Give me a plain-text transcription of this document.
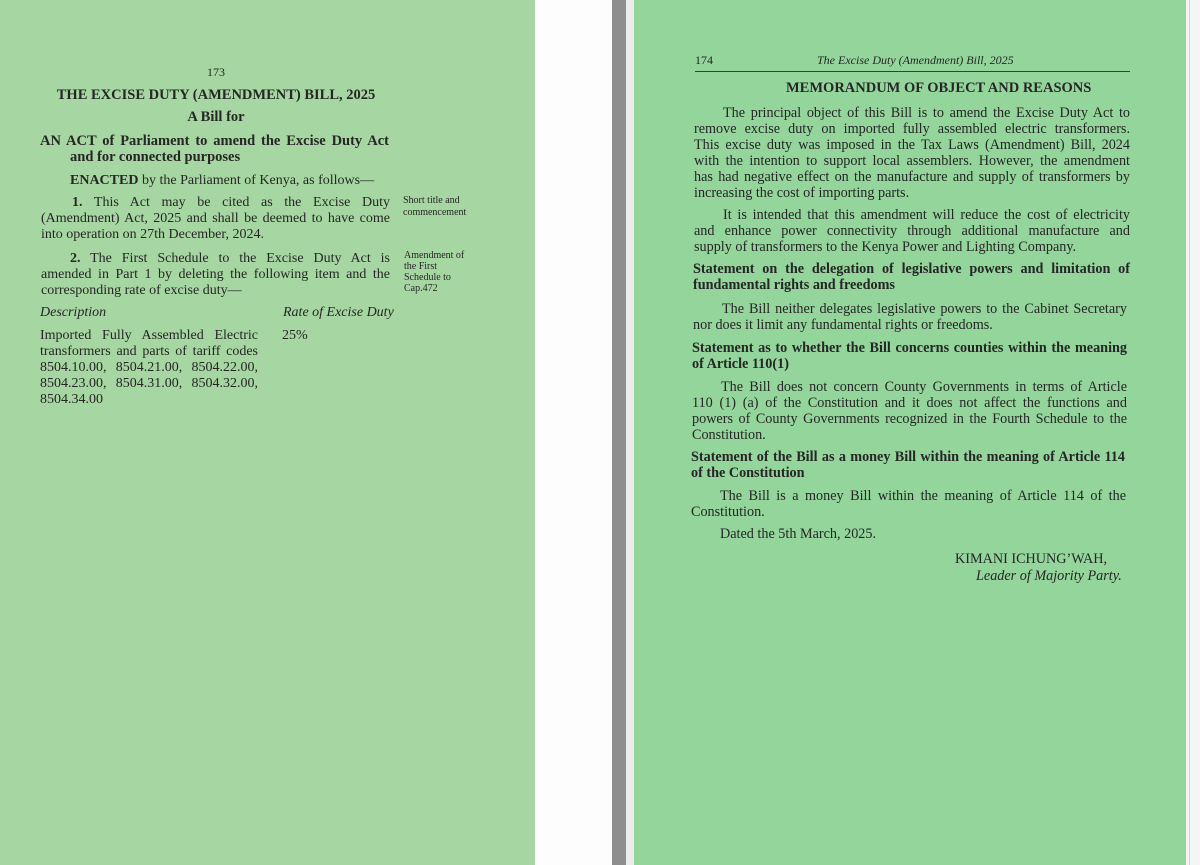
173
THE EXCISE DUTY (AMENDMENT) BILL, 2025
A Bill for
AN ACT of Parliament to amend the Excise Duty Act
and for connected purposes
ENACTED by the Parliament of Kenya, as follows—
1. This Act may be cited as the Excise Duty
(Amendment) Act, 2025 and shall be deemed to have come
into operation on 27th December, 2024.
Short title and
commencement
2. The First Schedule to the Excise Duty Act is
amended in Part 1 by deleting the following item and the
corresponding rate of excise duty—
Amendment of
the First
Schedule to
Cap.472
Description	Rate of Excise Duty
Imported Fully Assembled Electric
transformers and parts of tariff codes
8504.10.00, 8504.21.00, 8504.22.00,
8504.23.00, 8504.31.00, 8504.32.00,
8504.34.00
25%
174	The Excise Duty (Amendment) Bill, 2025
MEMORANDUM OF OBJECT AND REASONS
The principal object of this Bill is to amend the Excise Duty Act to
remove excise duty on imported fully assembled electric transformers.
This excise duty was imposed in the Tax Laws (Amendment) Bill, 2024
with the intention to support local assemblers. However, the amendment
has had negative effect on the manufacture and supply of transformers by
increasing the cost of importing parts.
It is intended that this amendment will reduce the cost of electricity
and enhance power connectivity through additional manufacture and
supply of transformers to the Kenya Power and Lighting Company.
Statement on the delegation of legislative powers and limitation of
fundamental rights and freedoms
The Bill neither delegates legislative powers to the Cabinet Secretary
nor does it limit any fundamental rights or freedoms.
Statement as to whether the Bill concerns counties within the meaning
of Article 110(1)
The Bill does not concern County Governments in terms of Article
110 (1) (a) of the Constitution and it does not affect the functions and
powers of County Governments recognized in the Fourth Schedule to the
Constitution.
Statement of the Bill as a money Bill within the meaning of Article 114
of the Constitution
The Bill is a money Bill within the meaning of Article 114 of the
Constitution.
Dated the 5th March, 2025.
KIMANI ICHUNG’WAH,
Leader of Majority Party.
